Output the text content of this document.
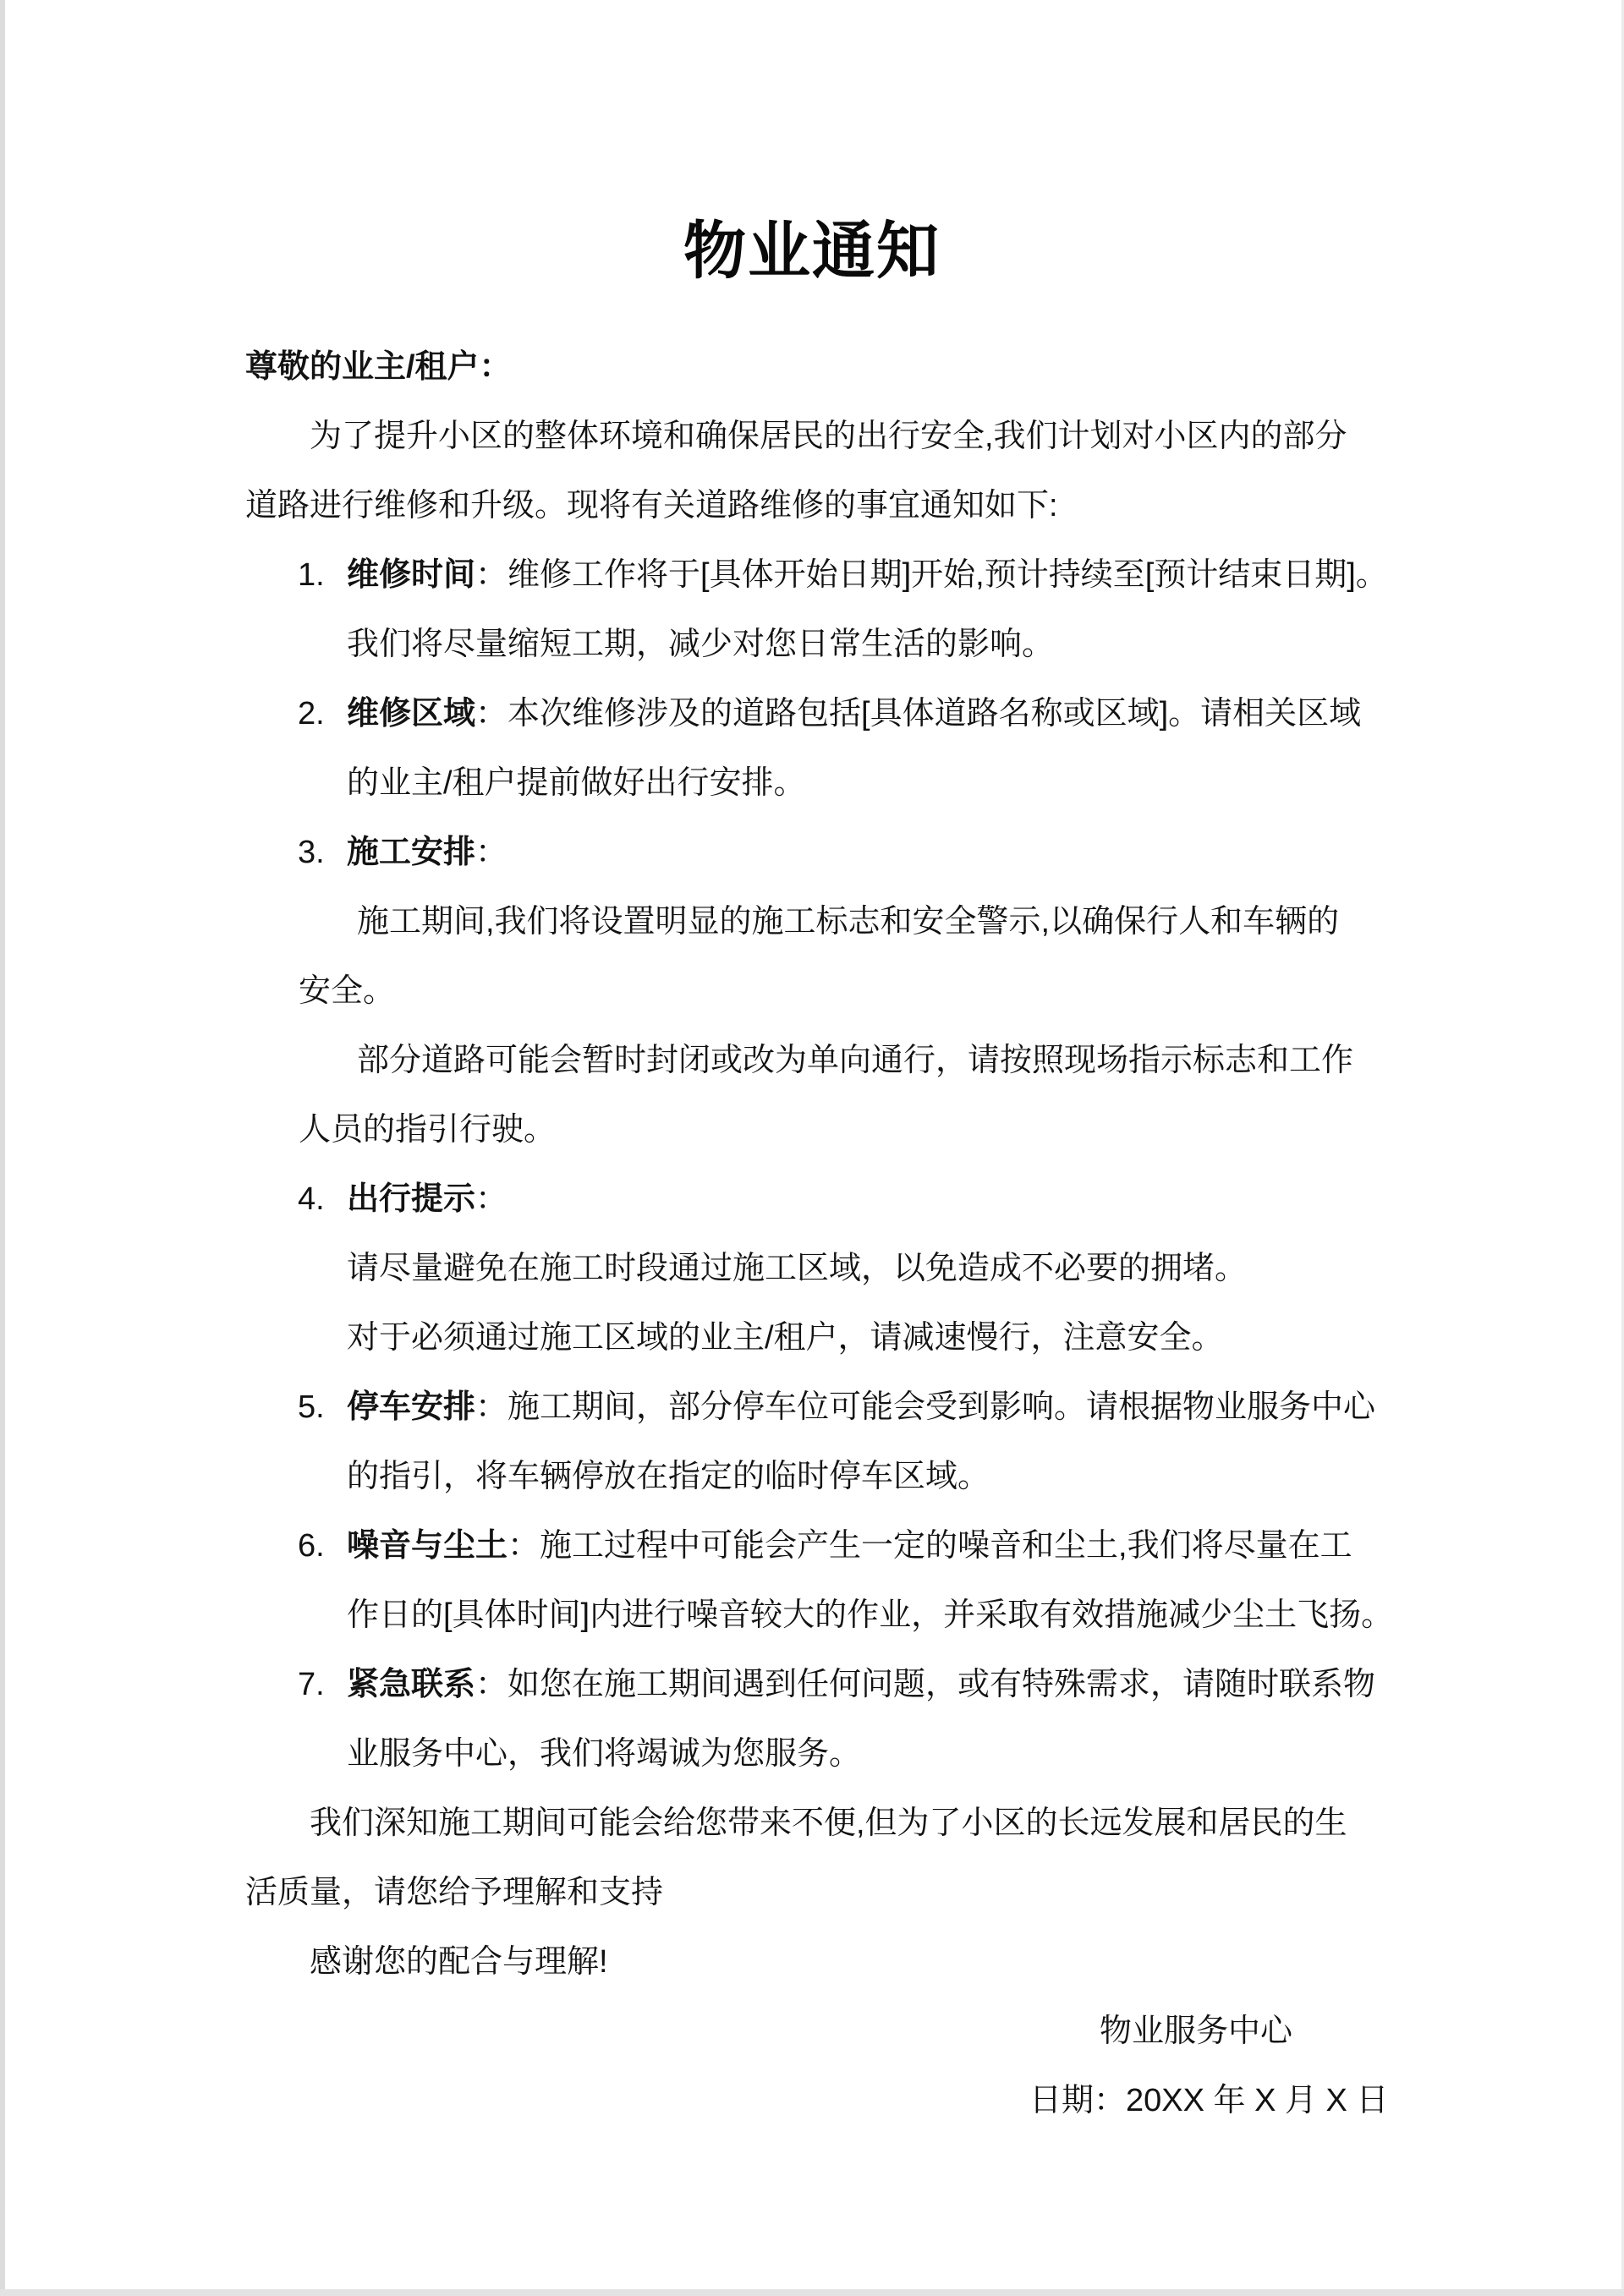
物业通知
尊敬的业主/租户：
为了提升小区的整体环境和确保居民的出行安全,我们计划对小区内的部分
道路进行维修和升级。现将有关道路维修的事宜通知如下:
1. 维修时间：维修工作将于[具体开始日期]开始,预计持续至[预计结束日期]。
我们将尽量缩短工期，减少对您日常生活的影响。
2. 维修区域：本次维修涉及的道路包括[具体道路名称或区域]。请相关区域
的业主/租户提前做好出行安排。
3. 施工安排：
施工期间,我们将设置明显的施工标志和安全警示,以确保行人和车辆的
安全。
部分道路可能会暂时封闭或改为单向通行，请按照现场指示标志和工作
人员的指引行驶。
4. 出行提示：
请尽量避免在施工时段通过施工区域，以免造成不必要的拥堵。
对于必须通过施工区域的业主/租户，请减速慢行，注意安全。
5. 停车安排：施工期间，部分停车位可能会受到影响。请根据物业服务中心
的指引，将车辆停放在指定的临时停车区域。
6. 噪音与尘土：施工过程中可能会产生一定的噪音和尘土,我们将尽量在工
作日的[具体时间]内进行噪音较大的作业，并采取有效措施减少尘土飞扬。
7. 紧急联系：如您在施工期间遇到任何问题，或有特殊需求，请随时联系物
业服务中心，我们将竭诚为您服务。
我们深知施工期间可能会给您带来不便,但为了小区的长远发展和居民的生
活质量，请您给予理解和支持
感谢您的配合与理解!
物业服务中心
日期：20XX 年 X 月 X 日
